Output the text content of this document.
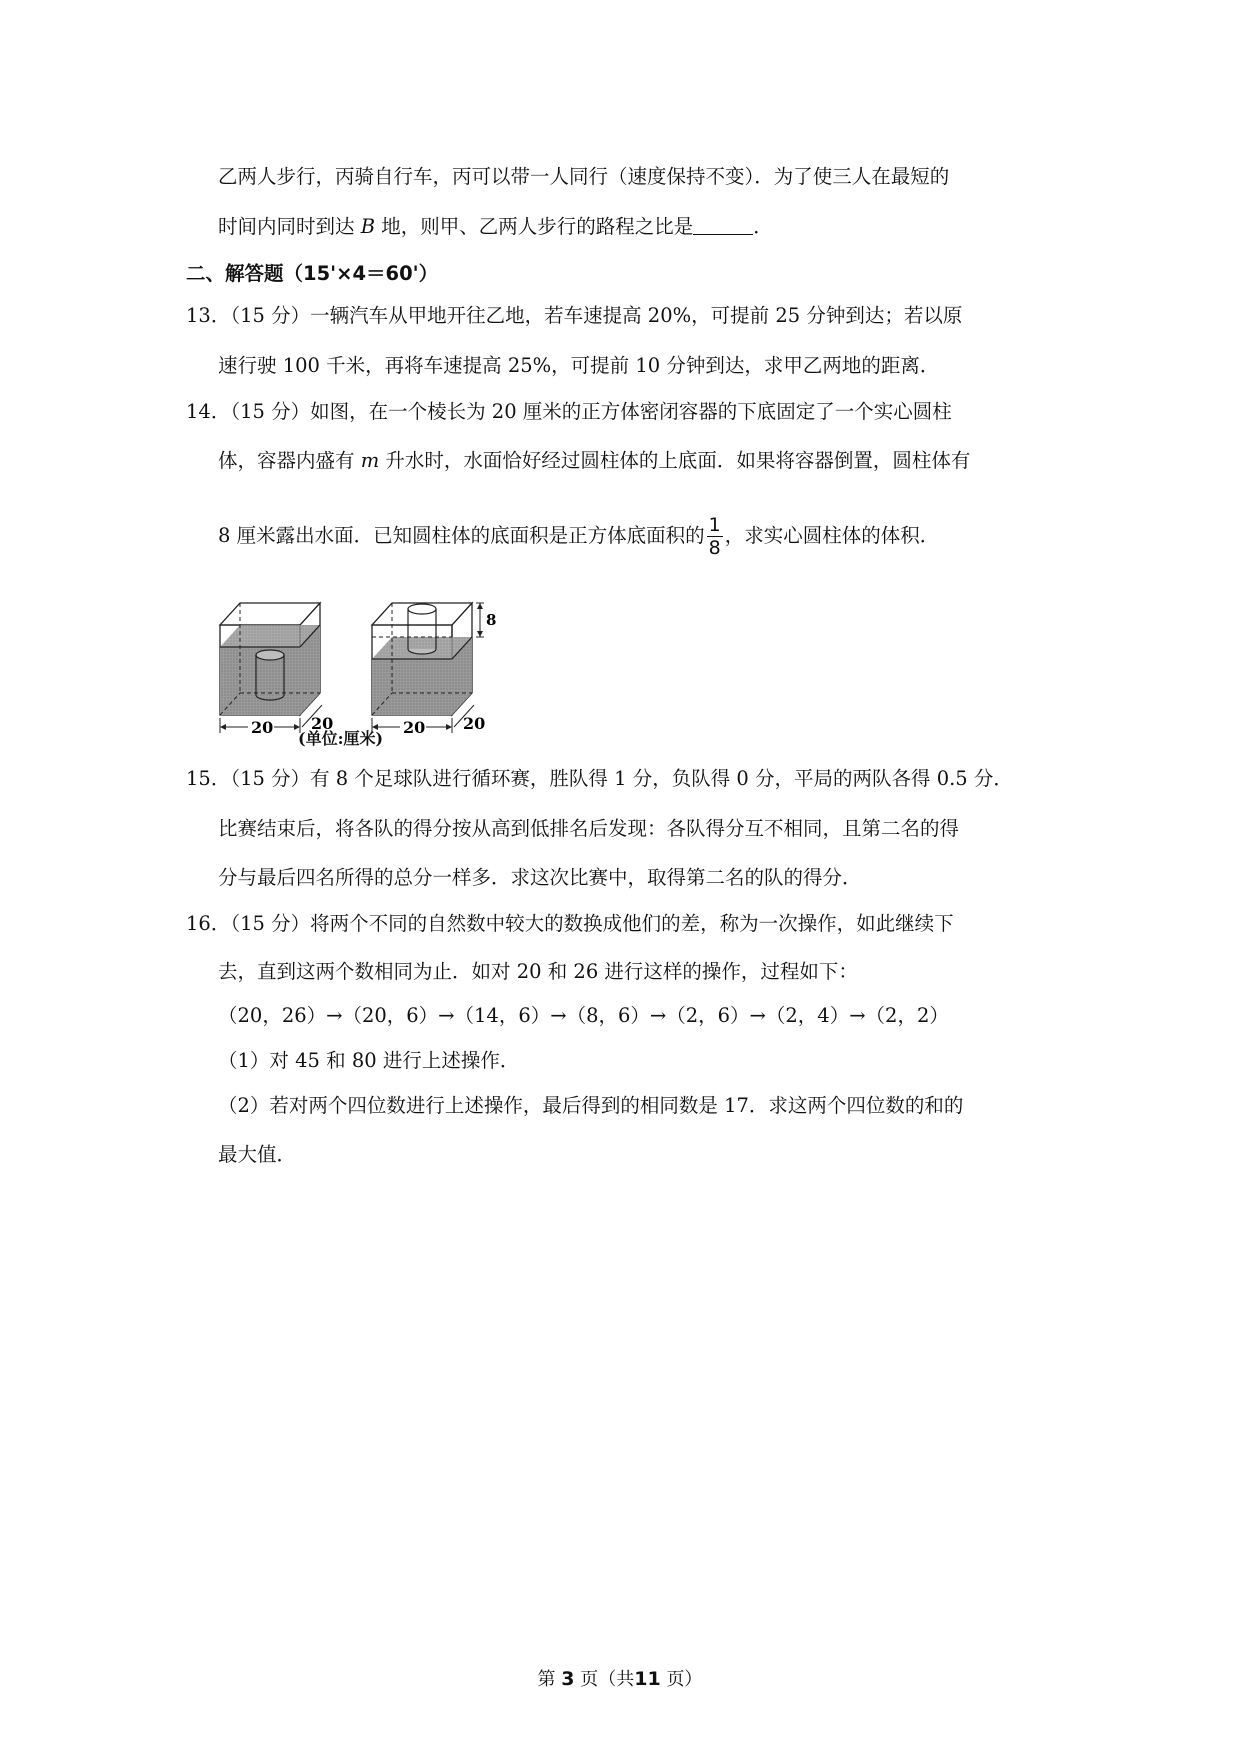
乙两人步行，丙骑自行车，丙可以带一人同行（速度保持不变）．为了使三人在最短的
时间内同时到达 B 地，则甲、乙两人步行的路程之比是	．
二、解答题（15'×4＝60'）
13．（15 分）一辆汽车从甲地开往乙地，若车速提高 20%，可提前 25 分钟到达；若以原
速行驶 100 千米，再将车速提高 25%，可提前 10 分钟到达，求甲乙两地的距离．
14．（15 分）如图，在一个棱长为 20 厘米的正方体密闭容器的下底固定了一个实心圆柱
体，容器内盛有 m 升水时，水面恰好经过圆柱体的上底面．如果将容器倒置，圆柱体有
8 厘米露出水面．已知圆柱体的底面积是正方体底面积的 $\frac{1}{8}$ ，求实心圆柱体的体积．
20 20	20 20
8
(单位:厘米)
15．（15 分）有 8 个足球队进行循环赛，胜队得 1 分，负队得 0 分，平局的两队各得 0.5 分．
比赛结束后，将各队的得分按从高到低排名后发现：各队得分互不相同，且第二名的得
分与最后四名所得的总分一样多．求这次比赛中，取得第二名的队的得分．
16．（15 分）将两个不同的自然数中较大的数换成他们的差，称为一次操作，如此继续下
去，直到这两个数相同为止．如对 20 和 26 进行这样的操作，过程如下：
（20，26）→（20，6）→（14，6）→（8，6）→（2，6）→（2，4）→（2，2）
（1）对 45 和 80 进行上述操作．
（2）若对两个四位数进行上述操作，最后得到的相同数是 17．求这两个四位数的和的
最大值．
第 3 页（共11 页）
